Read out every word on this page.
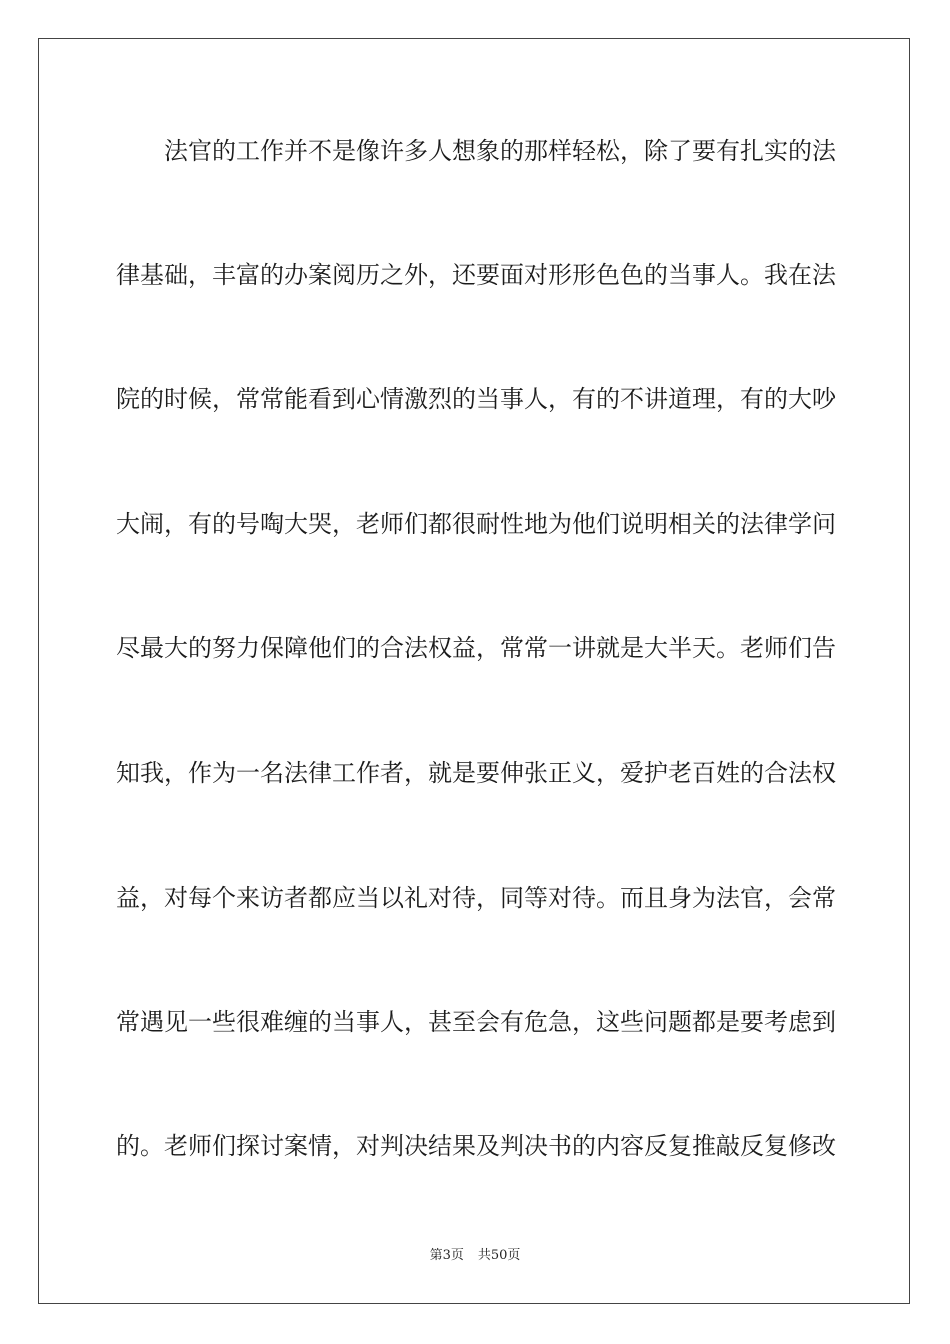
法官的工作并不是像许多人想象的那样轻松，除了要有扎实的法
律基础，丰富的办案阅历之外，还要面对形形色色的当事人。我在法
院的时候，常常能看到心情激烈的当事人，有的不讲道理，有的大吵
大闹，有的号啕大哭，老师们都很耐性地为他们说明相关的法律学问
尽最大的努力保障他们的合法权益，常常一讲就是大半天。老师们告
知我，作为一名法律工作者，就是要伸张正义，爱护老百姓的合法权
益，对每个来访者都应当以礼对待，同等对待。而且身为法官，会常
常遇见一些很难缠的当事人，甚至会有危急，这些问题都是要考虑到
的。老师们探讨案情，对判决结果及判决书的内容反复推敲反复修改
第3页 共50页
